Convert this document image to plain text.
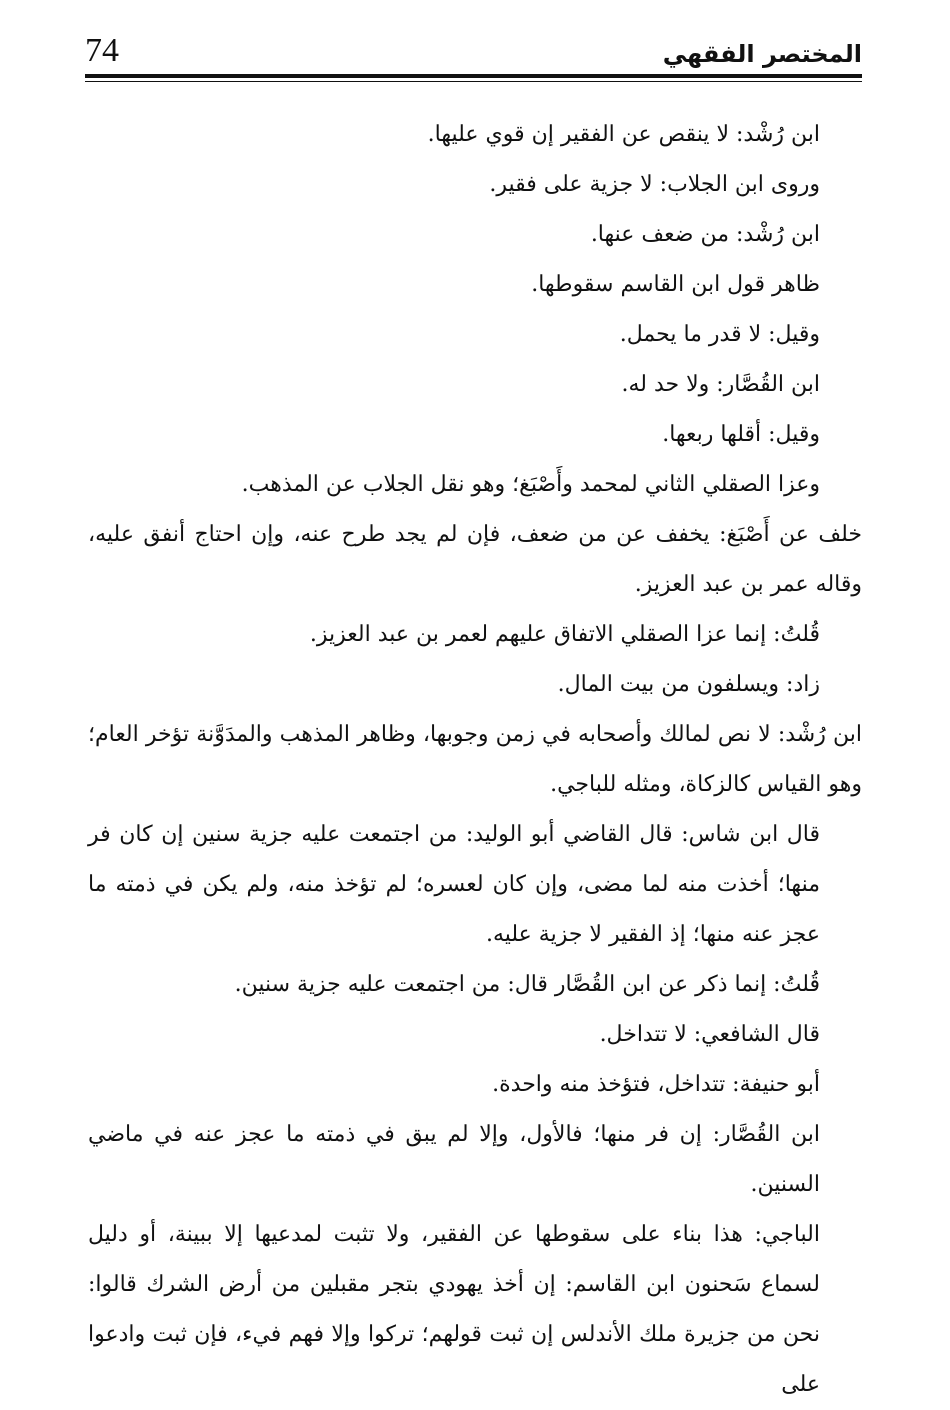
74	المختصر الفقهي

ابن رُشْد: لا ينقص عن الفقير إن قوي عليها.

وروى ابن الجلاب: لا جزية على فقير.

ابن رُشْد: من ضعف عنها.

ظاهر قول ابن القاسم سقوطها.

وقيل: لا قدر ما يحمل.

ابن القُصَّار: ولا حد له.

وقيل: أقلها ربعها.

وعزا الصقلي الثاني لمحمد وأَصْبَغ؛ وهو نقل الجلاب عن المذهب.

خلف عن أَصْبَغ: يخفف عن من ضعف، فإن لم يجد طرح عنه، وإن احتاج أنفق عليه، وقاله عمر بن عبد العزيز.

قُلتُ: إنما عزا الصقلي الاتفاق عليهم لعمر بن عبد العزيز.

زاد: ويسلفون من بيت المال.

ابن رُشْد: لا نص لمالك وأصحابه في زمن وجوبها، وظاهر المذهب والمدَوَّنة تؤخر العام؛ وهو القياس كالزكاة، ومثله للباجي.

قال ابن شاس: قال القاضي أبو الوليد: من اجتمعت عليه جزية سنين إن كان فر منها؛ أخذت منه لما مضى، وإن كان لعسره؛ لم تؤخذ منه، ولم يكن في ذمته ما عجز عنه منها؛ إذ الفقير لا جزية عليه.

قُلتُ: إنما ذكر عن ابن القُصَّار قال: من اجتمعت عليه جزية سنين.

قال الشافعي: لا تتداخل.

أبو حنيفة: تتداخل، فتؤخذ منه واحدة.

ابن القُصَّار: إن فر منها؛ فالأول، وإلا لم يبق في ذمته ما عجز عنه في ماضي السنين.

الباجي: هذا بناء على سقوطها عن الفقير، ولا تثبت لمدعيها إلا ببينة، أو دليل لسماع سَحنون ابن القاسم: إن أخذ يهودي بتجر مقبلين من أرض الشرك قالوا: نحن من جزيرة ملك الأندلس إن ثبت قولهم؛ تركوا وإلا فهم فيء، فإن ثبت وادعوا على
